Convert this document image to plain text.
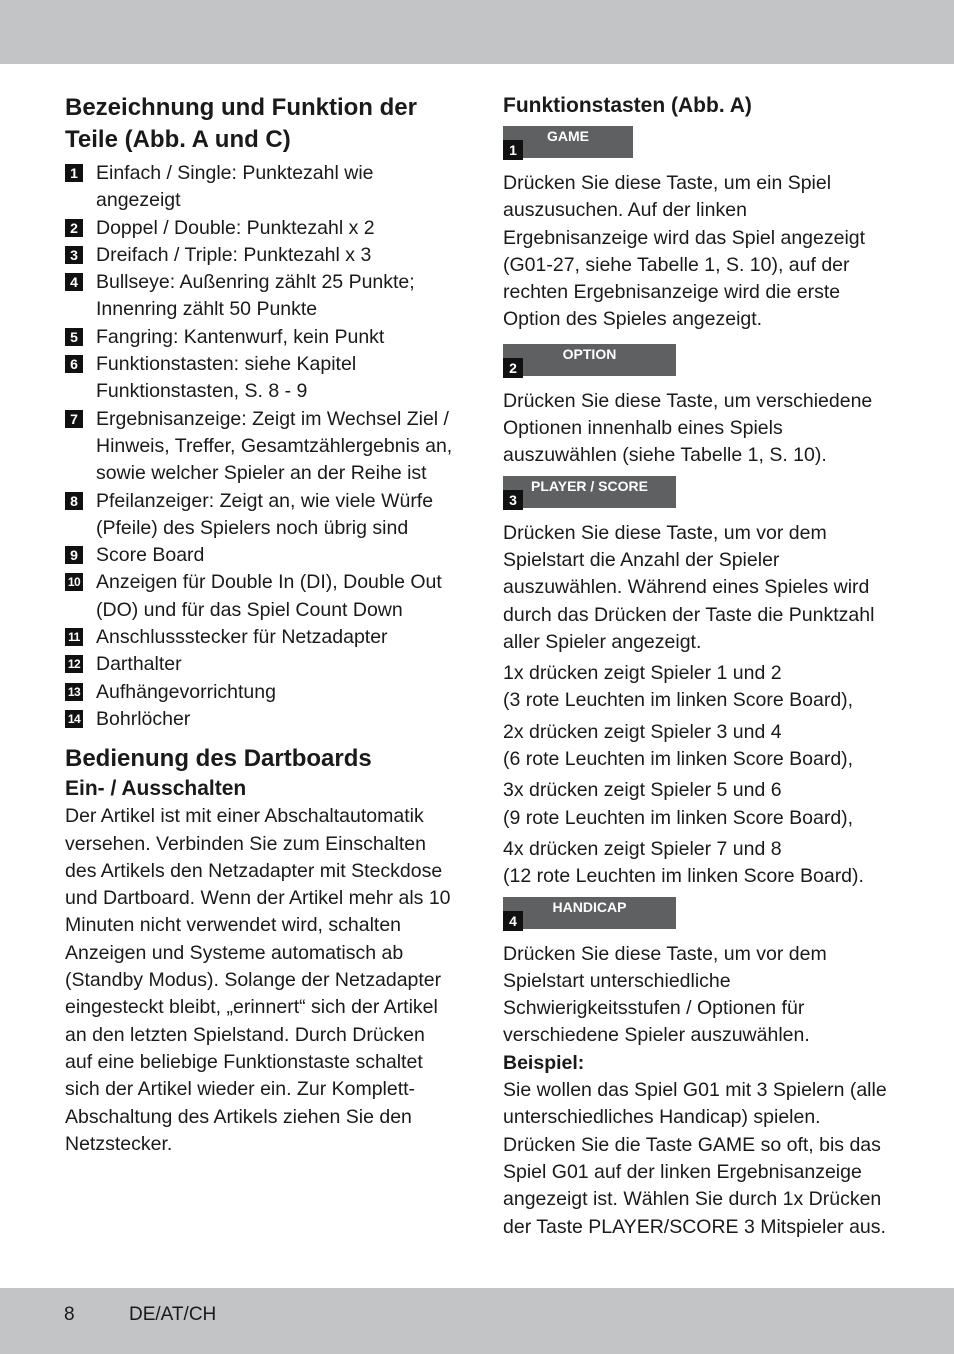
Bezeichnung und Funktion der Teile (Abb. A und C)
1 Einfach / Single: Punktezahl wie angezeigt
2 Doppel / Double: Punktezahl x 2
3 Dreifach / Triple: Punktezahl x 3
4 Bullseye: Außenring zählt 25 Punkte; Innenring zählt 50 Punkte
5 Fangring: Kantenwurf, kein Punkt
6 Funktionstasten: siehe Kapitel Funktionstasten, S. 8 - 9
7 Ergebnisanzeige: Zeigt im Wechsel Ziel / Hinweis, Treffer, Gesamtzählergebnis an, sowie welcher Spieler an der Reihe ist
8 Pfeilanzeiger: Zeigt an, wie viele Würfe (Pfeile) des Spielers noch übrig sind
9 Score Board
10 Anzeigen für Double In (DI), Double Out (DO) und für das Spiel Count Down
11 Anschlussstecker für Netzadapter
12 Darthalter
13 Aufhängevorrichtung
14 Bohrlöcher
Bedienung des Dartboards
Ein- / Ausschalten

Der Artikel ist mit einer Abschaltautomatik versehen. Verbinden Sie zum Einschalten des Artikels den Netzadapter mit Steckdose und Dartboard. Wenn der Artikel mehr als 10 Minuten nicht verwendet wird, schalten Anzeigen und Systeme automatisch ab (Standby Modus). Solange der Netzadapter eingesteckt bleibt, „erinnert“ sich der Artikel an den letzten Spielstand. Durch Drücken auf eine beliebige Funktionstaste schaltet sich der Artikel wieder ein. Zur Komplett-Abschaltung des Artikels ziehen Sie den Netzstecker.

Funktionstasten (Abb. A)
GAME
1

Drücken Sie diese Taste, um ein Spiel auszusuchen. Auf der linken Ergebnisanzeige wird das Spiel angezeigt (G01-27, siehe Tabelle 1, S. 10), auf der rechten Ergebnisanzeige wird die erste Option des Spieles angezeigt.

OPTION
2

Drücken Sie diese Taste, um verschiedene Optionen innenhalb eines Spiels auszuwählen (siehe Tabelle 1, S. 10).

PLAYER / SCORE
3

Drücken Sie diese Taste, um vor dem Spielstart die Anzahl der Spieler auszuwählen. Während eines Spieles wird durch das Drücken der Taste die Punktzahl aller Spieler angezeigt.

1x drücken zeigt Spieler 1 und 2

(3 rote Leuchten im linken Score Board),

2x drücken zeigt Spieler 3 und 4

(6 rote Leuchten im linken Score Board),

3x drücken zeigt Spieler 5 und 6

(9 rote Leuchten im linken Score Board),

4x drücken zeigt Spieler 7 und 8

(12 rote Leuchten im linken Score Board).

HANDICAP
4

Drücken Sie diese Taste, um vor dem Spielstart unterschiedliche Schwierigkeitsstufen / Optionen für verschiedene Spieler auszuwählen.

Beispiel:

Sie wollen das Spiel G01 mit 3 Spielern (alle unterschiedliches Handicap) spielen. Drücken Sie die Taste GAME so oft, bis das Spiel G01 auf der linken Ergebnisanzeige angezeigt ist. Wählen Sie durch 1x Drücken der Taste PLAYER/SCORE 3 Mitspieler aus.

8	DE/AT/CH
